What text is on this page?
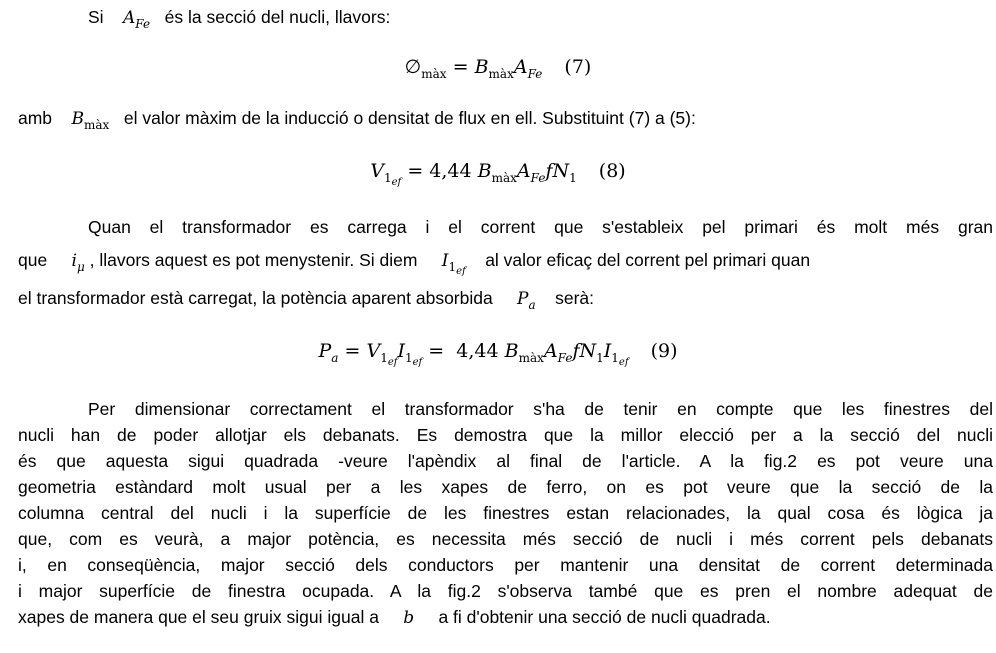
Si $A_{Fe}$ és la secció del nucli, llavors:
$\emptyset_{màx} = B_{màx}A_{Fe}$ (7)
amb $B_{màx}$ el valor màxim de la inducció o densitat de flux en ell. Substituint (7) a (5):
$V_{1_{ef}} = 4,44$ $B_{màx}A_{Fe}fN_1$ (8)
Quan el transformador es carrega i el corrent que s'estableix pel primari és molt més gran
que $i_\mu$ , llavors aquest es pot menystenir. Si diem $I_{1_{ef}}$    al valor eficaç del corrent pel primari quan
el transformador està carregat, la potència aparent absorbida $P_a$ serà:
$P_a = V_{1_{ef}}I_{1_{ef}} = 4,44$ $B_{màx}A_{Fe}fN_1I_{1_{ef}}$ (9)
Per dimensionar correctament el transformador s'ha de tenir en compte que les finestres del
nucli han de poder allotjar els debanats. Es demostra que la millor elecció per a la secció del nucli
és que aquesta sigui quadrada -veure l'apèndix al final de l'article. A la fig.2 es pot veure una
geometria estàndard molt usual per a les xapes de ferro, on es pot veure que la secció de la
columna central del nucli i la superfície de les finestres estan relacionades, la qual cosa és lògica ja
que, com es veurà, a major potència, es necessita més secció de nucli i més corrent pels debanats
i, en conseqüència, major secció dels conductors per mantenir una densitat de corrent determinada
i major superfície de finestra ocupada. A la fig.2 s'observa també que es pren el nombre adequat de
xapes de manera que el seu gruix sigui igual a b a fi d'obtenir una secció de nucli quadrada.
